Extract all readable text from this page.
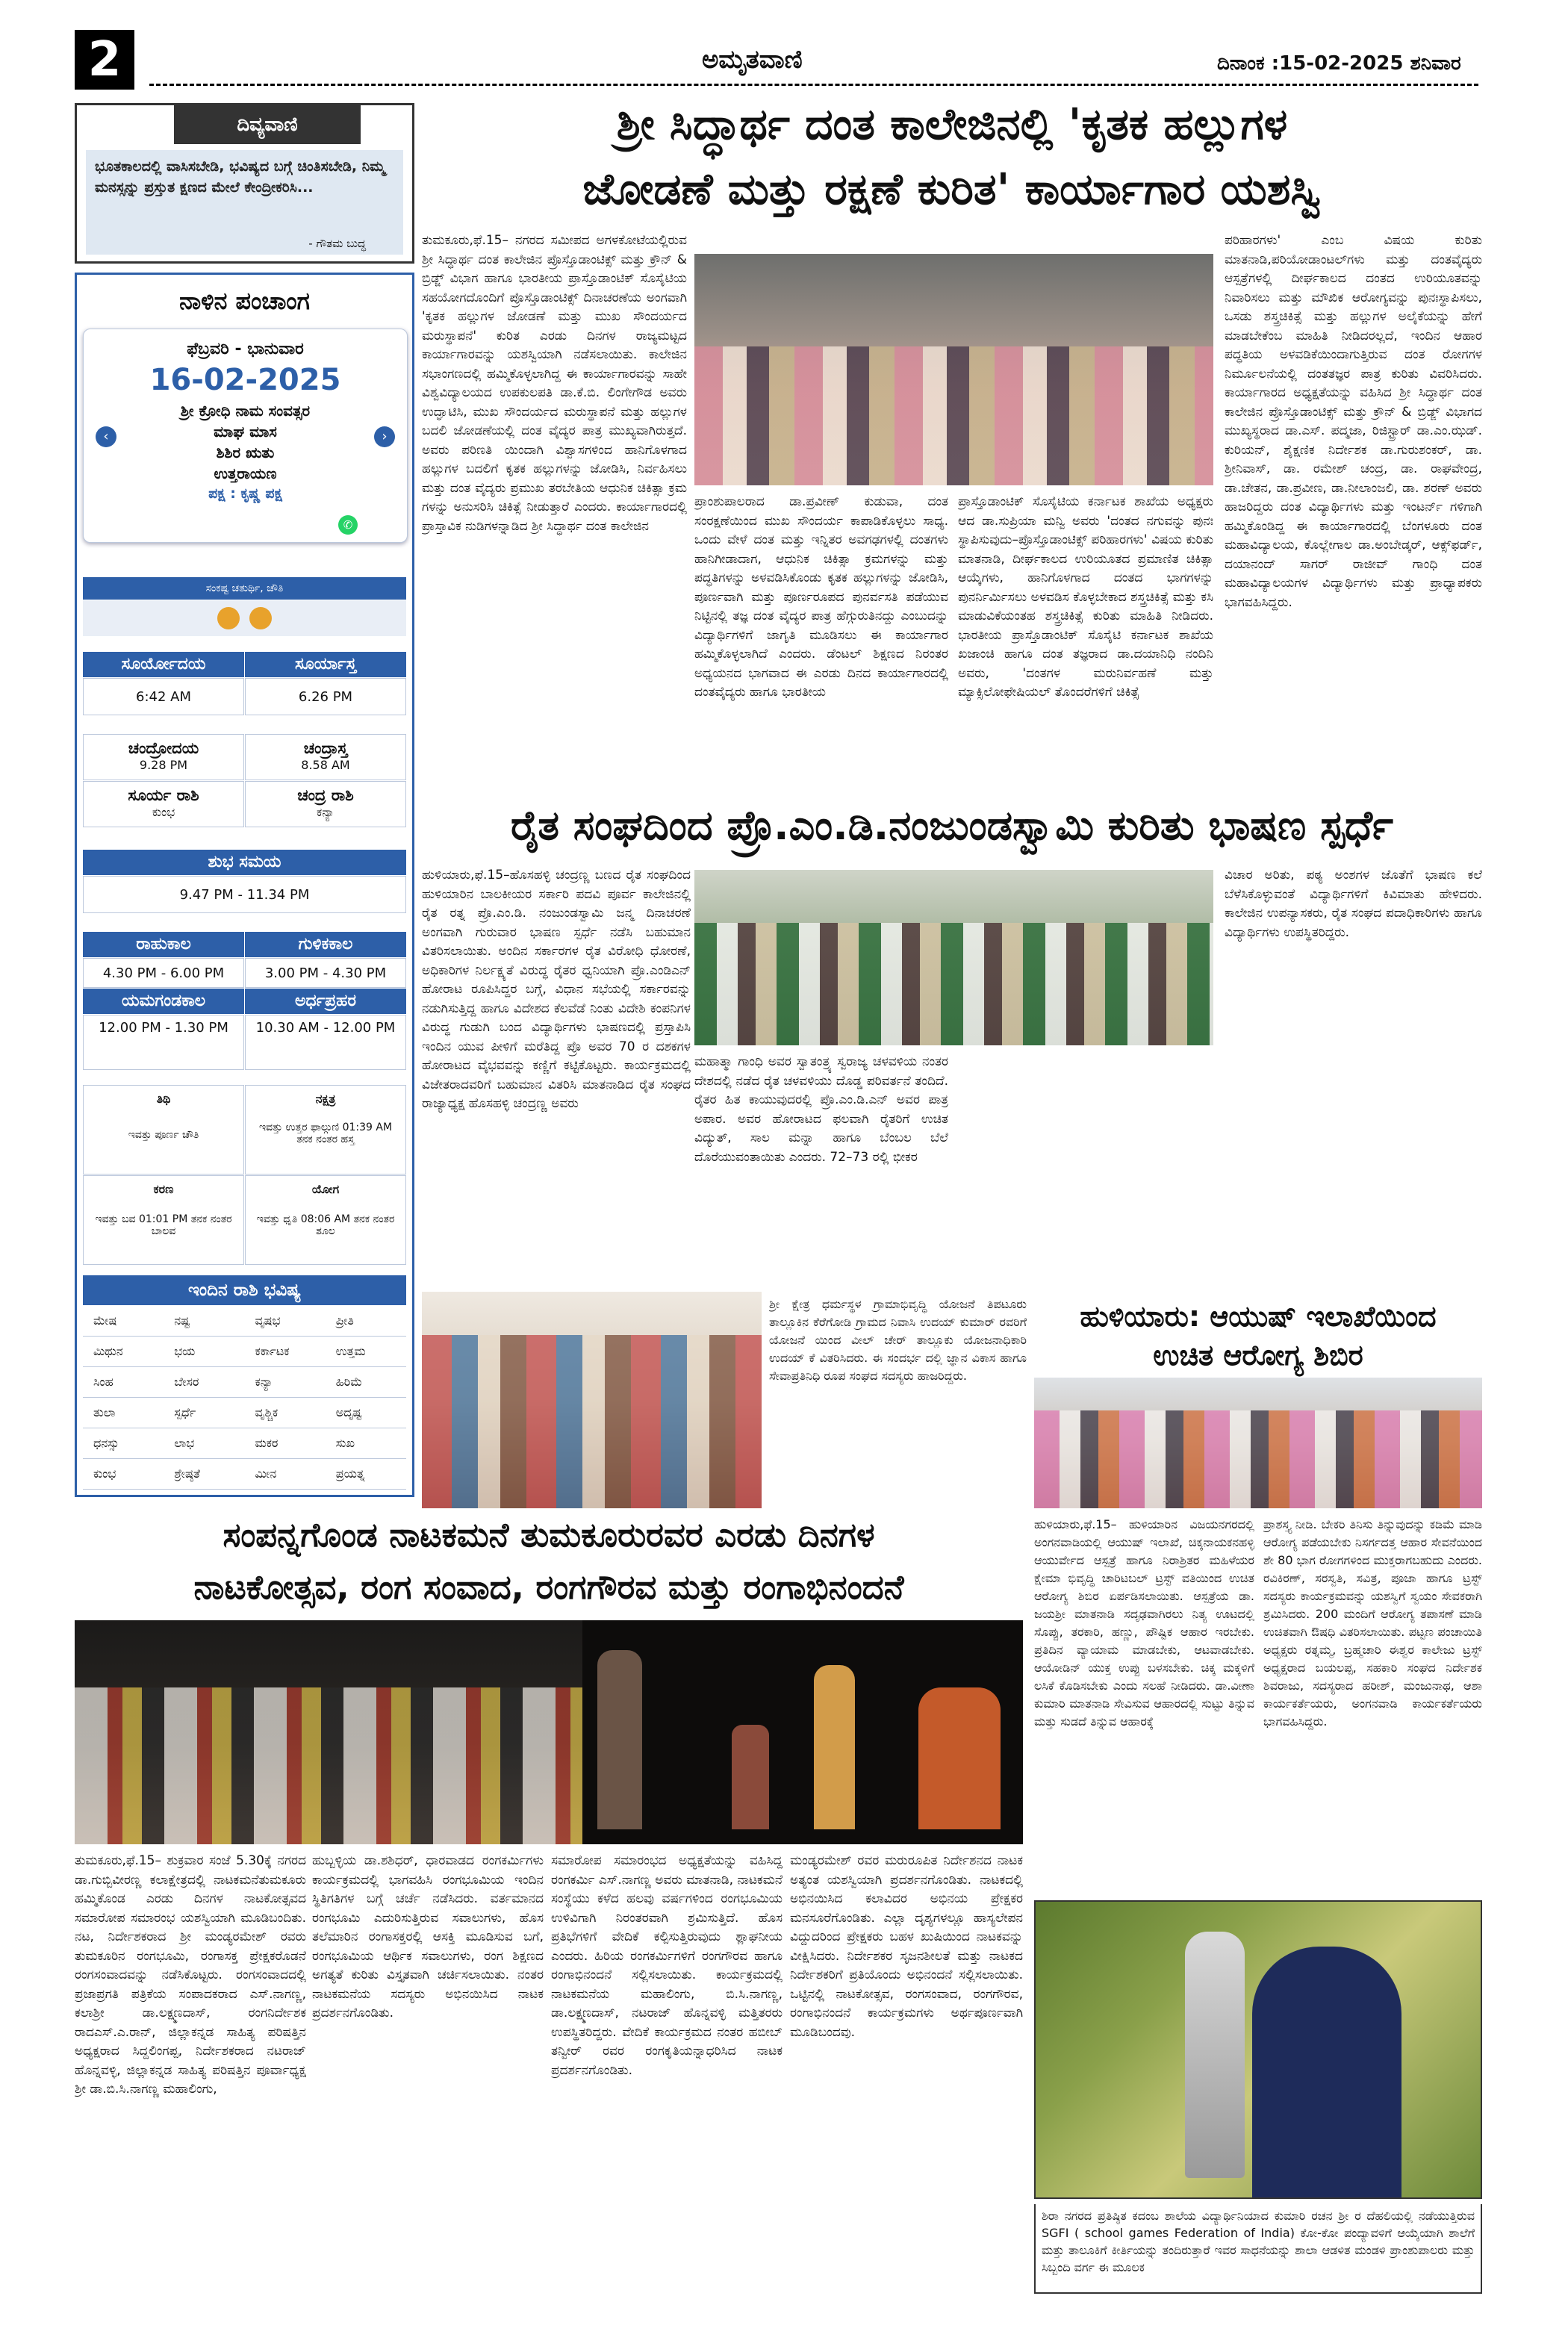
2	ಅಮೃತವಾಣಿ	ದಿನಾಂಕ :15-02-2025 ಶನಿವಾರ
ದಿವ್ಯವಾಣಿ
ಭೂತಕಾಲದಲ್ಲಿ ವಾಸಿಸಬೇಡಿ, ಭವಿಷ್ಯದ ಬಗ್ಗೆ ಚಿಂತಿಸಬೇಡಿ, ನಿಮ್ಮ ಮನಸ್ಸನ್ನು ಪ್ರಸ್ತುತ ಕ್ಷಣದ ಮೇಲೆ ಕೇಂದ್ರೀಕರಿಸಿ...
- ಗೌತಮ ಬುದ್ಧ
ನಾಳಿನ ಪಂಚಾಂಗ
ಫೆಬ್ರವರಿ - ಭಾನುವಾರ
16-02-2025
‹	›
ಶ್ರೀ ಕ್ರೋಧಿ ನಾಮ ಸಂವತ್ಸರ
ಮಾಘ ಮಾಸ
ಶಿಶಿರ ಋತು
ಉತ್ತರಾಯಣ
ಪಕ್ಷ : ಕೃಷ್ಣ ಪಕ್ಷ
✆
ಸಂಕಷ್ಟ ಚತುರ್ಥಿ, ಚೌತಿ

ಸೂರ್ಯೋದಯ	ಸೂರ್ಯಾಸ್ತ
6:42 AM	6.26 PM
ಚಂದ್ರೋದಯ
9.28 PM
ಚಂದ್ರಾಸ್ತ
8.58 AM
ಸೂರ್ಯ ರಾಶಿ
ಕುಂಭ
ಚಂದ್ರ ರಾಶಿ
ಕನ್ಯಾ
ಶುಭ ಸಮಯ
9.47 PM - 11.34 PM
ರಾಹುಕಾಲ	ಗುಳಿಕಕಾಲ
4.30 PM - 6.00 PM	3.00 PM - 4.30 PM
ಯಮಗಂಡಕಾಲ	ಅರ್ಧಪ್ರಹರ
12.00 PM - 1.30 PM	10.30 AM - 12.00 PM
ತಿಥಿ
ಇವತ್ತು ಪೂರ್ಣ ಚೌತಿ
ನಕ್ಷತ್ರ
ಇವತ್ತು ಉತ್ತರ ಫಾಲ್ಗುಣಿ 01:39 AM ತನಕ ನಂತರ ಹಸ್ತ
ಕರಣ
ಇವತ್ತು ಬವ 01:01 PM ತನಕ ನಂತರ ಬಾಲವ
ಯೋಗ
ಇವತ್ತು ಧೃತಿ 08:06 AM ತನಕ ನಂತರ ಶೂಲ
ಇಂದಿನ ರಾಶಿ ಭವಿಷ್ಯ
ಮೇಷ	ನಷ್ಟ	ವೃಷಭ	ಪ್ರೀತಿ
ಮಿಥುನ	ಭಯ	ಕರ್ಕಾಟಕ	ಉತ್ತಮ
ಸಿಂಹ	ಬೇಸರ	ಕನ್ಯಾ	ಹಿರಿಮೆ
ತುಲಾ	ಸ್ಪರ್ಧೆ	ವೃಶ್ಚಿಕ	ಅದೃಷ್ಟ
ಧನಸ್ಸು	ಲಾಭ	ಮಕರ	ಸುಖ
ಕುಂಭ	ಶ್ರೇಷ್ಠತೆ	ಮೀನ	ಪ್ರಯತ್ನ
ಶ್ರೀ ಸಿದ್ಧಾರ್ಥ ದಂತ ಕಾಲೇಜಿನಲ್ಲಿ 'ಕೃತಕ ಹಲ್ಲುಗಳ
ಜೋಡಣೆ ಮತ್ತು ರಕ್ಷಣೆ ಕುರಿತ' ಕಾರ್ಯಾಗಾರ ಯಶಸ್ವಿ
ತುಮಕೂರು,ಫೆ.15– ನಗರದ ಸಮೀಪದ ಅಗಳಕೋಟೆಯಲ್ಲಿರುವ ಶ್ರೀ ಸಿದ್ಧಾರ್ಥ ದಂತ ಕಾಲೇಜಿನ ಪ್ರೊಸ್ತೊಡಾಂಟಿಕ್ಸ್ ಮತ್ತು ಕ್ರೌನ್ & ಬ್ರಿಡ್ಜ್ ವಿಭಾಗ ಹಾಗೂ ಭಾರತೀಯ ಪ್ರಾಸ್ತೊಡಾಂಟಿಕ್ ಸೊಸೈಟಿಯ ಸಹಯೋಗದೊಂದಿಗೆ ಪ್ರೊಸ್ತೊಡಾಂಟಿಕ್ಸ್ ದಿನಾಚರಣೆಯ ಅಂಗವಾಗಿ 'ಕೃತಕ ಹಲ್ಲುಗಳ ಜೋಡಣೆ ಮತ್ತು ಮುಖ ಸೌಂದರ್ಯದ ಮರುಸ್ಥಾಪನೆ' ಕುರಿತ ಎರಡು ದಿನಗಳ ರಾಜ್ಯಮಟ್ಟದ ಕಾರ್ಯಾಗಾರವನ್ನು ಯಶಸ್ವಿಯಾಗಿ ನಡೆಸಲಾಯಿತು. ಕಾಲೇಜಿನ ಸಭಾಂಗಣದಲ್ಲಿ ಹಮ್ಮಿಕೊಳ್ಳಲಾಗಿದ್ದ ಈ ಕಾರ್ಯಾಗಾರವನ್ನು ಸಾಹೇ ವಿಶ್ವವಿದ್ಯಾಲಯದ ಉಪಕುಲಪತಿ ಡಾ.ಕೆ.ಬಿ. ಲಿಂಗೇಗೌಡ ಅವರು ಉದ್ಘಾಟಿಸಿ, ಮುಖ ಸೌಂದರ್ಯದ ಮರುಸ್ಥಾಪನೆ ಮತ್ತು ಹಲ್ಲುಗಳ ಬದಲಿ ಜೋಡಣೆಯಲ್ಲಿ ದಂತ ವೈದ್ಯರ ಪಾತ್ರ ಮುಖ್ಯವಾಗಿರುತ್ತದೆ. ಅವರು ಪರಿಣತಿ ಯಿಂದಾಗಿ ವಿಶ್ವಾಸಗಳಿಂದ ಹಾನಿಗೊಳಗಾದ ಹಲ್ಲುಗಳ ಬದಲಿಗೆ ಕೃತಕ ಹಲ್ಲುಗಳನ್ನು ಜೋಡಿಸಿ, ನಿರ್ವಹಿಸಲು ಮತ್ತು ದಂತ ವೈದ್ಯರು ಪ್ರಮುಖ ತರಬೇತಿಯ ಆಧುನಿಕ ಚಿಕಿತ್ಸಾ ಕ್ರಮ ಗಳನ್ನು ಅನುಸರಿಸಿ ಚಿಕಿತ್ಸೆ ನೀಡುತ್ತಾರೆ ಎಂದರು. ಕಾರ್ಯಾಗಾರದಲ್ಲಿ ಪ್ರಾಸ್ತಾವಿಕ ನುಡಿಗಳನ್ನಾಡಿದ ಶ್ರೀ ಸಿದ್ಧಾರ್ಥ ದಂತ ಕಾಲೇಜಿನ
ಪ್ರಾಂಶುಪಾಲರಾದ ಡಾ.ಪ್ರವೀಣ್ ಕುಡುವಾ, ದಂತ ಸಂರಕ್ಷಣೆಯಿಂದ ಮುಖ ಸೌಂದರ್ಯ ಕಾಪಾಡಿಕೊಳ್ಳಲು ಸಾಧ್ಯ. ಒಂದು ವೇಳೆ ದಂತ ಮತ್ತು ಇನ್ನಿತರ ಅವಗಢಗಳಲ್ಲಿ ದಂತಗಳು ಹಾನಿಗೀಡಾದಾಗ, ಆಧುನಿಕ ಚಿಕಿತ್ಸಾ ಕ್ರಮಗಳನ್ನು ಮತ್ತು ಪದ್ಧತಿಗಳನ್ನು ಅಳವಡಿಸಿಕೊಂಡು ಕೃತಕ ಹಲ್ಲುಗಳನ್ನು ಜೋಡಿಸಿ, ಪೂರ್ಣವಾಗಿ ಮತ್ತು ಪೂರ್ಣರೂಪದ ಪುನರ್ವಸತಿ ಪಡೆಯುವ ನಿಟ್ಟಿನಲ್ಲಿ ತಜ್ಞ ದಂತ ವೈದ್ಯರ ಪಾತ್ರ ಹೆಗ್ಗುರುತಿನದ್ದು ಎಂಬುದನ್ನು ವಿದ್ಯಾರ್ಥಿಗಳಿಗೆ ಜಾಗೃತಿ ಮೂಡಿಸಲು ಈ ಕಾರ್ಯಾಗಾರ ಹಮ್ಮಿಕೊಳ್ಳಲಾಗಿದೆ ಎಂದರು. ಡೆಂಟಲ್ ಶಿಕ್ಷಣದ ನಿರಂತರ ಅಧ್ಯಯನದ ಭಾಗವಾದ ಈ ಎರಡು ದಿನದ ಕಾರ್ಯಾಗಾರದಲ್ಲಿ ದಂತವೈದ್ಯರು ಹಾಗೂ ಭಾರತೀಯ
ಪ್ರಾಸ್ತೊಡಾಂಟಿಕ್ ಸೊಸೈಟಿಯ ಕರ್ನಾಟಕ ಶಾಖೆಯ ಅಧ್ಯಕ್ಷರು ಆದ ಡಾ.ಸುಪ್ರಿಯಾ ಮನ್ವಿ ಅವರು 'ದಂತದ ನಗುವನ್ನು ಪುನಃ ಸ್ಥಾಪಿಸುವುದು–ಪ್ರೊಸ್ತೊಡಾಂಟಿಕ್ಸ್ ಪರಿಹಾರಗಳು' ವಿಷಯ ಕುರಿತು ಮಾತನಾಡಿ, ದೀರ್ಘಕಾಲದ ಉರಿಯೂತದ ಪ್ರಮಾಣಿತ ಚಿಕಿತ್ಸಾ ಆಯ್ಕೆಗಳು, ಹಾನಿಗೊಳಗಾದ ದಂತದ ಭಾಗಗಳನ್ನು ಪುನರ್ನಿರ್ಮಿಸಲು ಅಳವಡಿಸ ಕೊಳ್ಳಬೇಕಾದ ಶಸ್ತ್ರಚಿಕಿತ್ಸೆ ಮತ್ತು ಕಸಿ ಮಾಡುವಿಕೆಯಂತಹ ಶಸ್ತ್ರಚಿಕಿತ್ಸೆ ಕುರಿತು ಮಾಹಿತಿ ನೀಡಿದರು. ಭಾರತೀಯ ಪ್ರಾಸ್ತೊಡಾಂಟಿಕ್ ಸೊಸೈಟಿ ಕರ್ನಾಟಕ ಶಾಖೆಯ ಖಜಾಂಚಿ ಹಾಗೂ ದಂತ ತಜ್ಞರಾದ ಡಾ.ದಯಾನಿಧಿ ನಂದಿನಿ ಅವರು, 'ದಂತಗಳ ಮರುನಿರ್ವಹಣೆ ಮತ್ತು ಮ್ಯಾಕ್ಸಿಲೋಫೇಷಿಯಲ್ ತೊಂದರೆಗಳಿಗೆ ಚಿಕಿತ್ಸೆ
ಪರಿಹಾರಗಳು' ಎಂಬ ವಿಷಯ ಕುರಿತು ಮಾತನಾಡಿ,ಪರಿಯೋಡಾಂಟಲ್‌ಗಳು ಮತ್ತು ದಂತವೈದ್ಯರು ಆಸ್ಪತ್ರೆಗಳಲ್ಲಿ ದೀರ್ಘಕಾಲದ ದಂತದ ಉರಿಯೂತವನ್ನು ನಿವಾರಿಸಲು ಮತ್ತು ಮೌಖಿಕ ಆರೋಗ್ಯವನ್ನು ಪುನಃಸ್ಥಾಪಿಸಲು, ಒಸಡು ಶಸ್ತ್ರಚಿಕಿತ್ಸೆ ಮತ್ತು ಹಲ್ಲುಗಳ ಅಲೈಕೆಯನ್ನು ಹೇಗೆ ಮಾಡಬೇಕೆಂಬ ಮಾಹಿತಿ ನೀಡಿದರಲ್ಲದೆ, ಇಂದಿನ ಆಹಾರ ಪದ್ಧತಿಯ ಅಳವಡಿಕೆಯಿಂದಾಗುತ್ತಿರುವ ದಂತ ರೋಗಗಳ ನಿರ್ಮೂಲನೆಯಲ್ಲಿ ದಂತತಜ್ಞರ ಪಾತ್ರ ಕುರಿತು ವಿವರಿಸಿದರು. ಕಾರ್ಯಾಗಾರದ ಅಧ್ಯಕ್ಷತೆಯನ್ನು ವಹಿಸಿದ ಶ್ರೀ ಸಿದ್ಧಾರ್ಥ ದಂತ ಕಾಲೇಜಿನ ಪ್ರೊಸ್ತೊಡಾಂಟಿಕ್ಸ್ ಮತ್ತು ಕ್ರೌನ್ & ಬ್ರಿಡ್ಜ್ ವಿಭಾಗದ ಮುಖ್ಯಸ್ಥರಾದ ಡಾ.ಎಸ್. ಪದ್ಮಜಾ, ರಿಜಿಸ್ಟ್ರಾರ್ ಡಾ.ಎಂ.ಝಡ್. ಕುರಿಯನ್, ಶೈಕ್ಷಣಿಕ ನಿರ್ದೇಶಕ ಡಾ.ಗುರುಶಂಕರ್, ಡಾ. ಶ್ರೀನಿವಾಸ್, ಡಾ. ರಮೇಶ್ ಚಂದ್ರ, ಡಾ. ರಾಘವೇಂದ್ರ, ಡಾ.ಚೇತನ, ಡಾ.ಪ್ರವೀಣ, ಡಾ.ನೀಲಾಂಜಲಿ, ಡಾ. ಶರಣ್ ಅವರು ಹಾಜರಿದ್ದರು ದಂತ ವಿದ್ಯಾರ್ಥಿಗಳು ಮತ್ತು ಇಂಟರ್ನ್ ಗಳಿಗಾಗಿ ಹಮ್ಮಿಕೊಂಡಿದ್ದ ಈ ಕಾರ್ಯಾಗಾರದಲ್ಲಿ ಬೆಂಗಳೂರು ದಂತ ಮಹಾವಿದ್ಯಾಲಯ, ಕೊಲ್ಲೇಗಾಲ ಡಾ.ಅಂಬೇಡ್ಕರ್, ಆಕ್ಸ್‌ಫರ್ಡ್, ದಯಾನಂದ್ ಸಾಗರ್ ರಾಜೀವ್ ಗಾಂಧಿ ದಂತ ಮಹಾವಿದ್ಯಾಲಯಗಳ ವಿದ್ಯಾರ್ಥಿಗಳು ಮತ್ತು ಪ್ರಾಧ್ಯಾಪಕರು ಭಾಗವಹಿಸಿದ್ದರು.
ರೈತ ಸಂಘದಿಂದ ಪ್ರೊ.ಎಂ.ಡಿ.ನಂಜುಂಡಸ್ವಾಮಿ ಕುರಿತು ಭಾಷಣ ಸ್ಪರ್ಧೆ
ಹುಳಿಯಾರು,ಫೆ.15–ಹೊಸಹಳ್ಳಿ ಚಂದ್ರಣ್ಣ ಬಣದ ರೈತ ಸಂಘದಿಂದ ಹುಳಿಯಾರಿನ ಬಾಲಕೀಯರ ಸರ್ಕಾರಿ ಪದವಿ ಪೂರ್ವ ಕಾಲೇಜಿನಲ್ಲಿ ರೈತ ರತ್ನ ಪ್ರೊ.ಎಂ.ಡಿ. ನಂಜುಂಡಸ್ವಾಮಿ ಜನ್ಮ ದಿನಾಚರಣೆ ಅಂಗವಾಗಿ ಗುರುವಾರ ಭಾಷಣ ಸ್ಪರ್ಧೆ ನಡೆಸಿ ಬಹುಮಾನ ವಿತರಿಸಲಾಯಿತು. ಅಂದಿನ ಸರ್ಕಾರಗಳ ರೈತ ವಿರೋಧಿ ಧೋರಣೆ, ಅಧಿಕಾರಿಗಳ ನಿರ್ಲಕ್ಷ್ಯತೆ ವಿರುದ್ಧ ರೈತರ ಧ್ವನಿಯಾಗಿ ಪ್ರೊ.ಎಂಡಿಎನ್ ಹೋರಾಟ ರೂಪಿಸಿದ್ದರ ಬಗ್ಗೆ, ವಿಧಾನ ಸಭೆಯಲ್ಲಿ ಸರ್ಕಾರವನ್ನು ನಡುಗಿಸುತ್ತಿದ್ದ ಹಾಗೂ ವಿದೇಶದ ಕೆಲವೆಡೆ ನಿಂತು ವಿದೇಶಿ ಕಂಪನಿಗಳ ವಿರುದ್ಧ ಗುಡುಗಿ ಬಂದ ವಿದ್ಯಾರ್ಥಿಗಳು ಭಾಷಣದಲ್ಲಿ ಪ್ರಸ್ತಾಪಿಸಿ ಇಂದಿನ ಯುವ ಪೀಳಿಗೆ ಮರೆತಿದ್ದ ಪ್ರೊ ಅವರ 70 ರ ದಶಕಗಳ ಹೋರಾಟದ ವೈಭವವನ್ನು ಕಣ್ಣಿಗೆ ಕಟ್ಟಿಕೊಟ್ಟರು. ಕಾರ್ಯಕ್ರಮದಲ್ಲಿ ವಿಜೇತರಾದವರಿಗೆ ಬಹುಮಾನ ವಿತರಿಸಿ ಮಾತನಾಡಿದ ರೈತ ಸಂಘದ ರಾಜ್ಯಾಧ್ಯಕ್ಷ ಹೊಸಹಳ್ಳಿ ಚಂದ್ರಣ್ಣ ಅವರು
ಮಹಾತ್ಮಾ ಗಾಂಧಿ ಅವರ ಸ್ವಾತಂತ್ರ್ಯ ಸ್ವರಾಜ್ಯ ಚಳವಳಿಯ ನಂತರ ದೇಶದಲ್ಲಿ ನಡೆದ ರೈತ ಚಳವಳಿಯು ದೊಡ್ಡ ಪರಿವರ್ತನೆ ತಂದಿದೆ. ರೈತರ ಹಿತ ಕಾಯುವುದರಲ್ಲಿ ಪ್ರೊ.ಎಂ.ಡಿ.ಎನ್ ಅವರ ಪಾತ್ರ ಅಪಾರ. ಅವರ ಹೋರಾಟದ ಫಲವಾಗಿ ರೈತರಿಗೆ ಉಚಿತ ವಿದ್ಯುತ್, ಸಾಲ ಮನ್ನಾ ಹಾಗೂ ಬೆಂಬಲ ಬೆಲೆ ದೊರೆಯುವಂತಾಯಿತು ಎಂದರು. 72–73 ರಲ್ಲಿ ಭೀಕರ
ವಿಚಾರ ಅರಿತು, ಪಠ್ಯ ಅಂಶಗಳ ಜೊತೆಗೆ ಭಾಷಣ ಕಲೆ ಬೆಳೆಸಿಕೊಳ್ಳುವಂತೆ ವಿದ್ಯಾರ್ಥಿಗಳಿಗೆ ಕಿವಿಮಾತು ಹೇಳಿದರು. ಕಾಲೇಜಿನ ಉಪನ್ಯಾಸಕರು, ರೈತ ಸಂಘದ ಪದಾಧಿಕಾರಿಗಳು ಹಾಗೂ ವಿದ್ಯಾರ್ಥಿಗಳು ಉಪಸ್ಥಿತರಿದ್ದರು.
ಶ್ರೀ ಕ್ಷೇತ್ರ ಧರ್ಮಸ್ಥಳ ಗ್ರಾಮಾಭಿವೃದ್ಧಿ ಯೋಜನೆ ತಿಪಟೂರು ತಾಲ್ಲೂಕಿನ ಕೆರೆಗೋಡಿ ಗ್ರಾಮದ ನಿವಾಸಿ ಉದಯ್ ಕುಮಾರ್ ರವರಿಗೆ ಯೋಜನೆ ಯಿಂದ ವೀಲ್ ಚೇರ್ ತಾಲ್ಲೂಕು ಯೋಜನಾಧಿಕಾರಿ ಉದಯ್ ಕೆ ವಿತರಿಸಿದರು. ಈ ಸಂದರ್ಭ ದಲ್ಲಿ ಜ್ಞಾನ ವಿಕಾಸ ಹಾಗೂ ಸೇವಾಪ್ರತಿನಿಧಿ ರೂಪ ಸಂಘದ ಸದಸ್ಯರು ಹಾಜರಿದ್ದರು.
ಹುಳಿಯಾರು: ಆಯುಷ್ ಇಲಾಖೆಯಿಂದ
ಉಚಿತ ಆರೋಗ್ಯ ಶಿಬಿರ
ಹುಳಿಯಾರು,ಫೆ.15– ಹುಳಿಯಾರಿನ ವಿಜಯನಗರದಲ್ಲಿ ಅಂಗನವಾಡಿಯಲ್ಲಿ ಆಯುಷ್ ಇಲಾಖೆ, ಚಿಕ್ಕನಾಯಕನಹಳ್ಳಿ ಆಯುರ್ವೇದ ಆಸ್ಪತ್ರೆ ಹಾಗೂ ನಿರಾಶ್ರಿತರ ಮಹಿಳೆಯರ ಕ್ಷೇಮಾ ಭಿವೃದ್ಧಿ ಚಾರಿಟಬಲ್ ಟ್ರಸ್ಟ್ ವತಿಯಿಂದ ಉಚಿತ ಆರೋಗ್ಯ ಶಿಬಿರ ಏರ್ಪಡಿಸಲಾಯಿತು. ಆಸ್ಪತ್ರೆಯ ಡಾ. ಜಯಶ್ರೀ ಮಾತನಾಡಿ ಸದೃಢವಾಗಿರಲು ನಿತ್ಯ ಊಟದಲ್ಲಿ ಸೊಪ್ಪು, ತರಕಾರಿ, ಹಣ್ಣು, ಪೌಷ್ಟಿಕ ಆಹಾರ ಇರಬೇಕು. ಪ್ರತಿದಿನ ವ್ಯಾಯಾಮ ಮಾಡಬೇಕು, ಆಟವಾಡಬೇಕು. ಆಯೋಡಿನ್ ಯುಕ್ತ ಉಪ್ಪು ಬಳಸಬೇಕು. ಚಿಕ್ಕ ಮಕ್ಕಳಿಗೆ ಲಸಿಕೆ ಕೊಡಿಸಬೇಕು ಎಂದು ಸಲಹೆ ನೀಡಿದರು. ಡಾ.ವೀಣಾ ಕುಮಾರಿ ಮಾತನಾಡಿ ಸೇವಿಸುವ ಆಹಾರದಲ್ಲಿ ಸುಟ್ಟು ತಿನ್ನುವ ಮತ್ತು ಸುಡದೆ ತಿನ್ನುವ ಆಹಾರಕ್ಕೆ
ಪ್ರಾಶಸ್ತ್ಯ ನೀಡಿ. ಬೇಕರಿ ತಿನಿಸು ತಿನ್ನುವುದನ್ನು ಕಡಿಮೆ ಮಾಡಿ ಆರೋಗ್ಯ ಪಡೆಯಬೇಕು ನಿಸರ್ಗದತ್ತ ಆಹಾರ ಸೇವನೆಯಿಂದ ಶೇ 80 ಭಾಗ ರೋಗಗಳಿಂದ ಮುಕ್ತರಾಗಬಹುದು ಎಂದರು. ರವಿಕಿರಣ್, ಸರಸ್ವತಿ, ಸವಿತ್ರ, ಪೂಜಾ ಹಾಗೂ ಟ್ರಸ್ಟ್ ಸದಸ್ಯರು ಕಾರ್ಯಕ್ರಮವನ್ನು ಯಶಸ್ವಿಗೆ ಸ್ವಯಂ ಸೇವಕರಾಗಿ ಶ್ರಮಿಸಿದರು. 200 ಮಂದಿಗೆ ಆರೋಗ್ಯ ತಪಾಸಣೆ ಮಾಡಿ ಉಚಿತವಾಗಿ ಔಷಧಿ ವಿತರಿಸಲಾಯಿತು. ಪಟ್ಟಣ ಪಂಚಾಯಿತಿ ಅಧ್ಯಕ್ಷರು ರತ್ನಮ್ಮ, ಬ್ರಹ್ಮಚಾರಿ ಈಶ್ವರ ಕಾಲೇಜು ಟ್ರಸ್ಟ್ ಅಧ್ಯಕ್ಷರಾದ ಬಯಲಪ್ಪ, ಸಹಕಾರಿ ಸಂಘದ ನಿರ್ದೇಶಕ ಶಿವರಾಜು, ಸದಸ್ಯರಾದ ಹರೀಶ್, ಮಂಜುನಾಥ, ಆಶಾ ಕಾರ್ಯಕರ್ತೆಯರು, ಅಂಗನವಾಡಿ ಕಾರ್ಯಕರ್ತೆಯರು ಭಾಗವಹಿಸಿದ್ದರು.
ಸಂಪನ್ನಗೊಂಡ ನಾಟಕಮನೆ ತುಮಕೂರುರವರ ಎರಡು ದಿನಗಳ
ನಾಟಕೋತ್ಸವ, ರಂಗ ಸಂವಾದ, ರಂಗಗೌರವ ಮತ್ತು ರಂಗಾಭಿನಂದನೆ
ತುಮಕೂರು,ಫೆ.15– ಶುಕ್ರವಾರ ಸಂಜೆ 5.30ಕ್ಕೆ ನಗರದ ಡಾ.ಗುಬ್ಬಿವೀರಣ್ಣ ಕಲಾಕ್ಷೇತ್ರದಲ್ಲಿ ನಾಟಕಮನೆತುಮಕೂರು ಹಮ್ಮಿಕೊಂಡ ಎರಡು ದಿನಗಳ ನಾಟಕೋತ್ಸವದ ಸಮಾರೋಪ ಸಮಾರಂಭ ಯಶಸ್ವಿಯಾಗಿ ಮೂಡಿಬಂದಿತು. ನಟ, ನಿರ್ದೇಶಕರಾದ ಶ್ರೀ ಮಂಡ್ಯರಮೇಶ್ ರವರು ತುಮಕೂರಿನ ರಂಗಭೂಮಿ, ರಂಗಾಸಕ್ತ ಪ್ರೇಕ್ಷಕರೊಡನೆ ರಂಗಸಂವಾದವನ್ನು ನಡೆಸಿಕೊಟ್ಟರು. ರಂಗಸಂವಾದದಲ್ಲಿ ಪ್ರಜಾಪ್ರಗತಿ ಪತ್ರಿಕೆಯ ಸಂಪಾದಕರಾದ ಎಸ್.ನಾಗಣ್ಣ, ಕಲಾಶ್ರೀ ಡಾ.ಲಕ್ಷ್ಮಣದಾಸ್, ರಂಗನಿರ್ದೇಶಕ ರಾದಎಸ್.ಎ.ರಾನ್, ಜಿಲ್ಲಾಕನ್ನಡ ಸಾಹಿತ್ಯ ಪರಿಷತ್ತಿನ ಅಧ್ಯಕ್ಷರಾದ ಸಿದ್ದಲಿಂಗಪ್ಪ, ನಿರ್ದೇಶಕರಾದ ನಟರಾಜ್ ಹೊನ್ನವಳ್ಳಿ, ಜಿಲ್ಲಾಕನ್ನಡ ಸಾಹಿತ್ಯ ಪರಿಷತ್ತಿನ ಪೂರ್ವಾಧ್ಯಕ್ಷ ಶ್ರೀ ಡಾ.ಬಿ.ಸಿ.ನಾಗಣ್ಣ ಮಹಾಲಿಂಗು,
ಹುಬ್ಬಳ್ಳಿಯ ಡಾ.ಶಶಿಧರ್, ಧಾರವಾಡದ ರಂಗಕರ್ಮಿಗಳು ಕಾರ್ಯಕ್ರಮದಲ್ಲಿ ಭಾಗವಹಿಸಿ ರಂಗಭೂಮಿಯ ಇಂದಿನ ಸ್ಥಿತಿಗತಿಗಳ ಬಗ್ಗೆ ಚರ್ಚೆ ನಡೆಸಿದರು. ವರ್ತಮಾನದ ರಂಗಭೂಮಿ ಎದುರಿಸುತ್ತಿರುವ ಸವಾಲುಗಳು, ಹೊಸ ತಲೆಮಾರಿನ ರಂಗಾಸಕ್ತರಲ್ಲಿ ಆಸಕ್ತಿ ಮೂಡಿಸುವ ಬಗೆ, ರಂಗಭೂಮಿಯ ಆರ್ಥಿಕ ಸವಾಲುಗಳು, ರಂಗ ಶಿಕ್ಷಣದ ಅಗತ್ಯತೆ ಕುರಿತು ವಿಸ್ತೃತವಾಗಿ ಚರ್ಚಿಸಲಾಯಿತು. ನಂತರ ನಾಟಕಮನೆಯ ಸದಸ್ಯರು ಅಭಿನಯಿಸಿದ ನಾಟಕ ಪ್ರದರ್ಶನಗೊಂಡಿತು.
ಸಮಾರೋಪ ಸಮಾರಂಭದ ಅಧ್ಯಕ್ಷತೆಯನ್ನು ವಹಿಸಿದ್ದ ರಂಗಕರ್ಮಿ ಎಸ್.ನಾಗಣ್ಣ ಅವರು ಮಾತನಾಡಿ, ನಾಟಕಮನೆ ಸಂಸ್ಥೆಯು ಕಳೆದ ಹಲವು ವರ್ಷಗಳಿಂದ ರಂಗಭೂಮಿಯ ಉಳಿವಿಗಾಗಿ ನಿರಂತರವಾಗಿ ಶ್ರಮಿಸುತ್ತಿದೆ. ಹೊಸ ಪ್ರತಿಭೆಗಳಿಗೆ ವೇದಿಕೆ ಕಲ್ಪಿಸುತ್ತಿರುವುದು ಶ್ಲಾಘನೀಯ ಎಂದರು. ಹಿರಿಯ ರಂಗಕರ್ಮಿಗಳಿಗೆ ರಂಗಗೌರವ ಹಾಗೂ ರಂಗಾಭಿನಂದನೆ ಸಲ್ಲಿಸಲಾಯಿತು. ಕಾರ್ಯಕ್ರಮದಲ್ಲಿ ನಾಟಕಮನೆಯ ಮಹಾಲಿಂಗು, ಬಿ.ಸಿ.ನಾಗಣ್ಣ, ಡಾ.ಲಕ್ಷ್ಮಣದಾಸ್, ನಟರಾಜ್ ಹೊನ್ನವಳ್ಳಿ ಮತ್ತಿತರರು ಉಪಸ್ಥಿತರಿದ್ದರು. ವೇದಿಕೆ ಕಾರ್ಯಕ್ರಮದ ನಂತರ ಹಬೀಬ್ ತನ್ವೀರ್ ರವರ ರಂಗಕೃತಿಯನ್ನಾಧರಿಸಿದ ನಾಟಕ ಪ್ರದರ್ಶನಗೊಂಡಿತು.
ಮಂಡ್ಯರಮೇಶ್ ರವರ ಮರುರೂಪಿತ ನಿರ್ದೇಶನದ ನಾಟಕ ಅತ್ಯಂತ ಯಶಸ್ವಿಯಾಗಿ ಪ್ರದರ್ಶನಗೊಂಡಿತು. ನಾಟಕದಲ್ಲಿ ಅಭಿನಯಿಸಿದ ಕಲಾವಿದರ ಅಭಿನಯ ಪ್ರೇಕ್ಷಕರ ಮನಸೂರೆಗೊಂಡಿತು. ಎಲ್ಲಾ ದೃಶ್ಯಗಳಲ್ಲೂ ಹಾಸ್ಯಲೇಪನ ವಿದ್ದುದರಿಂದ ಪ್ರೇಕ್ಷಕರು ಬಹಳ ಖುಷಿಯಿಂದ ನಾಟಕವನ್ನು ವೀಕ್ಷಿಸಿದರು. ನಿರ್ದೇಶಕರ ಸೃಜನಶೀಲತೆ ಮತ್ತು ನಾಟಕದ ನಿರ್ದೇಶಕರಿಗೆ ಪ್ರತಿಯೊಂದು ಅಭಿನಂದನೆ ಸಲ್ಲಿಸಲಾಯಿತು. ಒಟ್ಟಿನಲ್ಲಿ ನಾಟಕೋತ್ಸವ, ರಂಗಸಂವಾದ, ರಂಗಗೌರವ, ರಂಗಾಭಿನಂದನೆ ಕಾರ್ಯಕ್ರಮಗಳು ಅರ್ಥಪೂರ್ಣವಾಗಿ ಮೂಡಿಬಂದವು.
ಶಿರಾ ನಗರದ ಪ್ರತಿಷ್ಠಿತ ಕದಂಬ ಶಾಲೆಯ ವಿದ್ಯಾರ್ಥಿನಿಯಾದ ಕುಮಾರಿ ರಚನ ಶ್ರೀ ರ ದೆಹಲಿಯಲ್ಲಿ ನಡೆಯುತ್ತಿರುವ SGFI ( school games Federation of India) ಕೋ-ಕೋ ಪಂದ್ಯಾವಳಿಗೆ ಆಯ್ಕೆಯಾಗಿ ಶಾಲೆಗೆ ಮತ್ತು ತಾಲೂಕಿಗೆ ಕೀರ್ತಿಯನ್ನು ತಂದಿರುತ್ತಾರೆ ಇವರ ಸಾಧನೆಯನ್ನು ಶಾಲಾ ಆಡಳಿತ ಮಂಡಳಿ ಪ್ರಾಂಶುಪಾಲರು ಮತ್ತು ಸಿಬ್ಬಂದಿ ವರ್ಗ ಈ ಮೂಲಕ
